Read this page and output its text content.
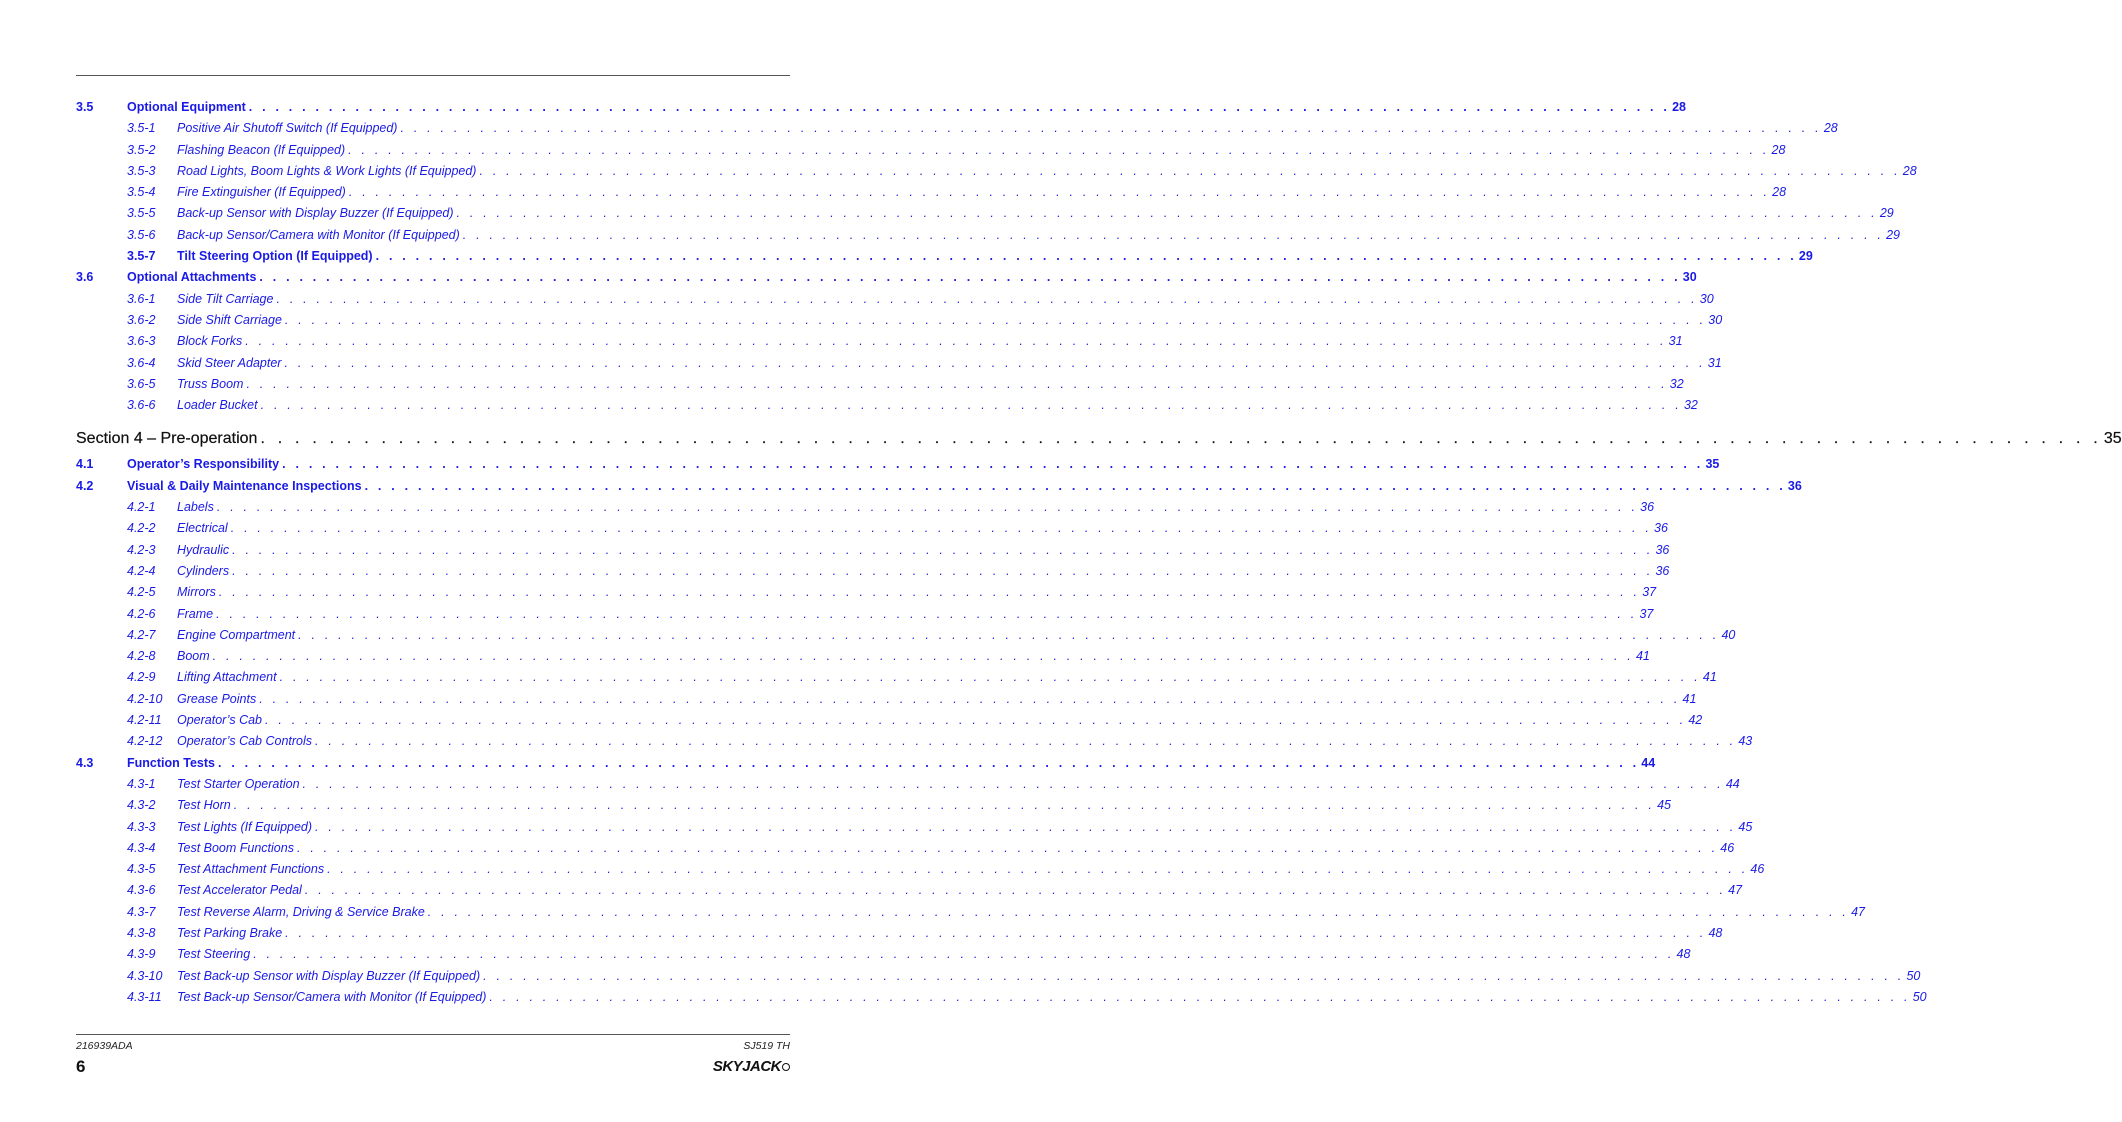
3.5	Optional Equipment . . . . . . . . . . . . . . . . . . . . . . . . . . . . . . . . . . . . . . . . . . . . . . . . . . . . . . . . . . . . . . . . . . . . . . . . . . . . . . . . . . . . . . . . . . . . . . . . . . . . . . . . . . . 28
3.5-1 Positive Air Shutoff Switch (If Equipped) . . . . . . . . . . . . . . . . . . . . . . . . . . . . . . . . . . . . . . . . . . . . . . . . . . . . . . . . . . . . . . . . . . . . . . . . . . . . . . . . . . . . . . . . . . . . . . . . . . . . . . . . . . . 28
3.5-2 Flashing Beacon (If Equipped) . . . . . . . . . . . . . . . . . . . . . . . . . . . . . . . . . . . . . . . . . . . . . . . . . . . . . . . . . . . . . . . . . . . . . . . . . . . . . . . . . . . . . . . . . . . . . . . . . . . . . . . . . . . 28
3.5-3 Road Lights, Boom Lights & Work Lights (If Equipped) . . . . . . . . . . . . . . . . . . . . . . . . . . . . . . . . . . . . . . . . . . . . . . . . . . . . . . . . . . . . . . . . . . . . . . . . . . . . . . . . . . . . . . . . . . . . . . . . . . . . . . . . . . . 28
3.5-4 Fire Extinguisher (If Equipped) . . . . . . . . . . . . . . . . . . . . . . . . . . . . . . . . . . . . . . . . . . . . . . . . . . . . . . . . . . . . . . . . . . . . . . . . . . . . . . . . . . . . . . . . . . . . . . . . . . . . . . . . . . . 28
3.5-5 Back-up Sensor with Display Buzzer (If Equipped) . . . . . . . . . . . . . . . . . . . . . . . . . . . . . . . . . . . . . . . . . . . . . . . . . . . . . . . . . . . . . . . . . . . . . . . . . . . . . . . . . . . . . . . . . . . . . . . . . . . . . . . . . . . 29
3.5-6 Back-up Sensor/Camera with Monitor (If Equipped) . . . . . . . . . . . . . . . . . . . . . . . . . . . . . . . . . . . . . . . . . . . . . . . . . . . . . . . . . . . . . . . . . . . . . . . . . . . . . . . . . . . . . . . . . . . . . . . . . . . . . . . . . . . 29
3.5-7 Tilt Steering Option (If Equipped) . . . . . . . . . . . . . . . . . . . . . . . . . . . . . . . . . . . . . . . . . . . . . . . . . . . . . . . . . . . . . . . . . . . . . . . . . . . . . . . . . . . . . . . . . . . . . . . . . . . . . . . . . . . 29
3.6	Optional Attachments . . . . . . . . . . . . . . . . . . . . . . . . . . . . . . . . . . . . . . . . . . . . . . . . . . . . . . . . . . . . . . . . . . . . . . . . . . . . . . . . . . . . . . . . . . . . . . . . . . . . . . . . . . . 30
3.6-1 Side Tilt Carriage . . . . . . . . . . . . . . . . . . . . . . . . . . . . . . . . . . . . . . . . . . . . . . . . . . . . . . . . . . . . . . . . . . . . . . . . . . . . . . . . . . . . . . . . . . . . . . . . . . . . . . . . . . . 30
3.6-2 Side Shift Carriage . . . . . . . . . . . . . . . . . . . . . . . . . . . . . . . . . . . . . . . . . . . . . . . . . . . . . . . . . . . . . . . . . . . . . . . . . . . . . . . . . . . . . . . . . . . . . . . . . . . . . . . . . . . 30
3.6-3 Block Forks . . . . . . . . . . . . . . . . . . . . . . . . . . . . . . . . . . . . . . . . . . . . . . . . . . . . . . . . . . . . . . . . . . . . . . . . . . . . . . . . . . . . . . . . . . . . . . . . . . . . . . . . . . . 31
3.6-4 Skid Steer Adapter . . . . . . . . . . . . . . . . . . . . . . . . . . . . . . . . . . . . . . . . . . . . . . . . . . . . . . . . . . . . . . . . . . . . . . . . . . . . . . . . . . . . . . . . . . . . . . . . . . . . . . . . . . . 31
3.6-5 Truss Boom . . . . . . . . . . . . . . . . . . . . . . . . . . . . . . . . . . . . . . . . . . . . . . . . . . . . . . . . . . . . . . . . . . . . . . . . . . . . . . . . . . . . . . . . . . . . . . . . . . . . . . . . . . . 32
3.6-6 Loader Bucket . . . . . . . . . . . . . . . . . . . . . . . . . . . . . . . . . . . . . . . . . . . . . . . . . . . . . . . . . . . . . . . . . . . . . . . . . . . . . . . . . . . . . . . . . . . . . . . . . . . . . . . . . . . 32
Section 4 – Pre-operation . . . . . . . . . . . . . . . . . . . . . . . . . . . . . . . . . . . . . . . . . . . . . . . . . . . . . . . . . . . . . . . . . . . . . . . . . . . . . . . . . . . . . . . . . . . . . . . . . . . . . . . . . . . 35
4.1	Operator’s Responsibility . . . . . . . . . . . . . . . . . . . . . . . . . . . . . . . . . . . . . . . . . . . . . . . . . . . . . . . . . . . . . . . . . . . . . . . . . . . . . . . . . . . . . . . . . . . . . . . . . . . . . . . . . . . 35
4.2	Visual & Daily Maintenance Inspections . . . . . . . . . . . . . . . . . . . . . . . . . . . . . . . . . . . . . . . . . . . . . . . . . . . . . . . . . . . . . . . . . . . . . . . . . . . . . . . . . . . . . . . . . . . . . . . . . . . . . . . . . . . 36
4.2-1 Labels . . . . . . . . . . . . . . . . . . . . . . . . . . . . . . . . . . . . . . . . . . . . . . . . . . . . . . . . . . . . . . . . . . . . . . . . . . . . . . . . . . . . . . . . . . . . . . . . . . . . . . . . . . . 36
4.2-2 Electrical . . . . . . . . . . . . . . . . . . . . . . . . . . . . . . . . . . . . . . . . . . . . . . . . . . . . . . . . . . . . . . . . . . . . . . . . . . . . . . . . . . . . . . . . . . . . . . . . . . . . . . . . . . . 36
4.2-3 Hydraulic . . . . . . . . . . . . . . . . . . . . . . . . . . . . . . . . . . . . . . . . . . . . . . . . . . . . . . . . . . . . . . . . . . . . . . . . . . . . . . . . . . . . . . . . . . . . . . . . . . . . . . . . . . . 36
4.2-4 Cylinders . . . . . . . . . . . . . . . . . . . . . . . . . . . . . . . . . . . . . . . . . . . . . . . . . . . . . . . . . . . . . . . . . . . . . . . . . . . . . . . . . . . . . . . . . . . . . . . . . . . . . . . . . . . 36
4.2-5 Mirrors . . . . . . . . . . . . . . . . . . . . . . . . . . . . . . . . . . . . . . . . . . . . . . . . . . . . . . . . . . . . . . . . . . . . . . . . . . . . . . . . . . . . . . . . . . . . . . . . . . . . . . . . . . . 37
4.2-6 Frame . . . . . . . . . . . . . . . . . . . . . . . . . . . . . . . . . . . . . . . . . . . . . . . . . . . . . . . . . . . . . . . . . . . . . . . . . . . . . . . . . . . . . . . . . . . . . . . . . . . . . . . . . . . 37
4.2-7 Engine Compartment . . . . . . . . . . . . . . . . . . . . . . . . . . . . . . . . . . . . . . . . . . . . . . . . . . . . . . . . . . . . . . . . . . . . . . . . . . . . . . . . . . . . . . . . . . . . . . . . . . . . . . . . . . . 40
4.2-8 Boom . . . . . . . . . . . . . . . . . . . . . . . . . . . . . . . . . . . . . . . . . . . . . . . . . . . . . . . . . . . . . . . . . . . . . . . . . . . . . . . . . . . . . . . . . . . . . . . . . . . . . . . . . . . 41
4.2-9 Lifting Attachment . . . . . . . . . . . . . . . . . . . . . . . . . . . . . . . . . . . . . . . . . . . . . . . . . . . . . . . . . . . . . . . . . . . . . . . . . . . . . . . . . . . . . . . . . . . . . . . . . . . . . . . . . . . 41
4.2-10 Grease Points . . . . . . . . . . . . . . . . . . . . . . . . . . . . . . . . . . . . . . . . . . . . . . . . . . . . . . . . . . . . . . . . . . . . . . . . . . . . . . . . . . . . . . . . . . . . . . . . . . . . . . . . . . . 41
4.2-11 Operator’s Cab . . . . . . . . . . . . . . . . . . . . . . . . . . . . . . . . . . . . . . . . . . . . . . . . . . . . . . . . . . . . . . . . . . . . . . . . . . . . . . . . . . . . . . . . . . . . . . . . . . . . . . . . . . . 42
4.2-12 Operator’s Cab Controls . . . . . . . . . . . . . . . . . . . . . . . . . . . . . . . . . . . . . . . . . . . . . . . . . . . . . . . . . . . . . . . . . . . . . . . . . . . . . . . . . . . . . . . . . . . . . . . . . . . . . . . . . . . 43
4.3	Function Tests . . . . . . . . . . . . . . . . . . . . . . . . . . . . . . . . . . . . . . . . . . . . . . . . . . . . . . . . . . . . . . . . . . . . . . . . . . . . . . . . . . . . . . . . . . . . . . . . . . . . . . . . . . . 44
4.3-1 Test Starter Operation . . . . . . . . . . . . . . . . . . . . . . . . . . . . . . . . . . . . . . . . . . . . . . . . . . . . . . . . . . . . . . . . . . . . . . . . . . . . . . . . . . . . . . . . . . . . . . . . . . . . . . . . . . . 44
4.3-2 Test Horn . . . . . . . . . . . . . . . . . . . . . . . . . . . . . . . . . . . . . . . . . . . . . . . . . . . . . . . . . . . . . . . . . . . . . . . . . . . . . . . . . . . . . . . . . . . . . . . . . . . . . . . . . . . 45
4.3-3 Test Lights (If Equipped) . . . . . . . . . . . . . . . . . . . . . . . . . . . . . . . . . . . . . . . . . . . . . . . . . . . . . . . . . . . . . . . . . . . . . . . . . . . . . . . . . . . . . . . . . . . . . . . . . . . . . . . . . . . 45
4.3-4 Test Boom Functions . . . . . . . . . . . . . . . . . . . . . . . . . . . . . . . . . . . . . . . . . . . . . . . . . . . . . . . . . . . . . . . . . . . . . . . . . . . . . . . . . . . . . . . . . . . . . . . . . . . . . . . . . . . 46
4.3-5 Test Attachment Functions . . . . . . . . . . . . . . . . . . . . . . . . . . . . . . . . . . . . . . . . . . . . . . . . . . . . . . . . . . . . . . . . . . . . . . . . . . . . . . . . . . . . . . . . . . . . . . . . . . . . . . . . . . . 46
4.3-6 Test Accelerator Pedal . . . . . . . . . . . . . . . . . . . . . . . . . . . . . . . . . . . . . . . . . . . . . . . . . . . . . . . . . . . . . . . . . . . . . . . . . . . . . . . . . . . . . . . . . . . . . . . . . . . . . . . . . . . 47
4.3-7 Test Reverse Alarm, Driving & Service Brake . . . . . . . . . . . . . . . . . . . . . . . . . . . . . . . . . . . . . . . . . . . . . . . . . . . . . . . . . . . . . . . . . . . . . . . . . . . . . . . . . . . . . . . . . . . . . . . . . . . . . . . . . . . 47
4.3-8 Test Parking Brake . . . . . . . . . . . . . . . . . . . . . . . . . . . . . . . . . . . . . . . . . . . . . . . . . . . . . . . . . . . . . . . . . . . . . . . . . . . . . . . . . . . . . . . . . . . . . . . . . . . . . . . . . . . 48
4.3-9 Test Steering . . . . . . . . . . . . . . . . . . . . . . . . . . . . . . . . . . . . . . . . . . . . . . . . . . . . . . . . . . . . . . . . . . . . . . . . . . . . . . . . . . . . . . . . . . . . . . . . . . . . . . . . . . . 48
4.3-10 Test Back-up Sensor with Display Buzzer (If Equipped) . . . . . . . . . . . . . . . . . . . . . . . . . . . . . . . . . . . . . . . . . . . . . . . . . . . . . . . . . . . . . . . . . . . . . . . . . . . . . . . . . . . . . . . . . . . . . . . . . . . . . . . . . . . 50
4.3-11 Test Back-up Sensor/Camera with Monitor (If Equipped) . . . . . . . . . . . . . . . . . . . . . . . . . . . . . . . . . . . . . . . . . . . . . . . . . . . . . . . . . . . . . . . . . . . . . . . . . . . . . . . . . . . . . . . . . . . . . . . . . . . . . . . . . . . 50
216939ADA	SJ519 TH
6	SKYJACK
